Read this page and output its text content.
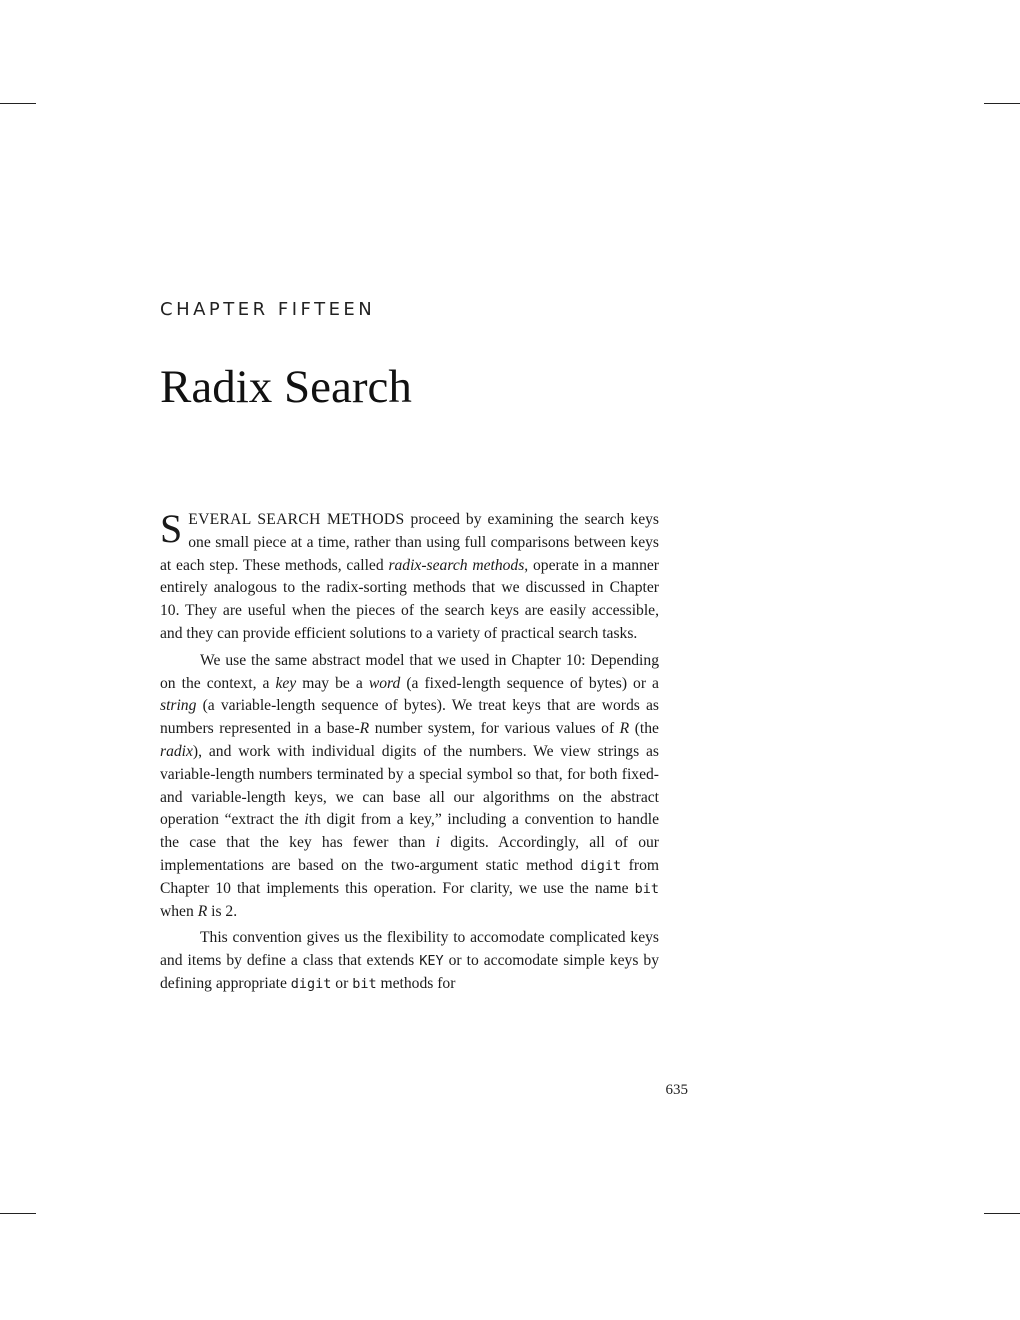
CHAPTER FIFTEEN
Radix Search

SEVERAL SEARCH METHODS proceed by examining the search keys one small piece at a time, rather than using full comparisons between keys at each step. These methods, called radix-search methods, operate in a manner entirely analogous to the radix-sorting methods that we discussed in Chapter 10. They are useful when the pieces of the search keys are easily accessible, and they can provide efficient solutions to a variety of practical search tasks.

We use the same abstract model that we used in Chapter 10: Depending on the context, a key may be a word (a fixed-length sequence of bytes) or a string (a variable-length sequence of bytes). We treat keys that are words as numbers represented in a base-R number system, for various values of R (the radix), and work with individual digits of the numbers. We view strings as variable-length numbers terminated by a special symbol so that, for both fixed- and variable-length keys, we can base all our algorithms on the abstract operation “extract the ith digit from a key,” including a convention to handle the case that the key has fewer than i digits. Accordingly, all of our implementations are based on the two-argument static method digit from Chapter 10 that implements this operation. For clarity, we use the name bit when R is 2.

This convention gives us the flexibility to accomodate complicated keys and items by define a class that extends KEY or to accomodate simple keys by defining appropriate digit or bit methods for

635
